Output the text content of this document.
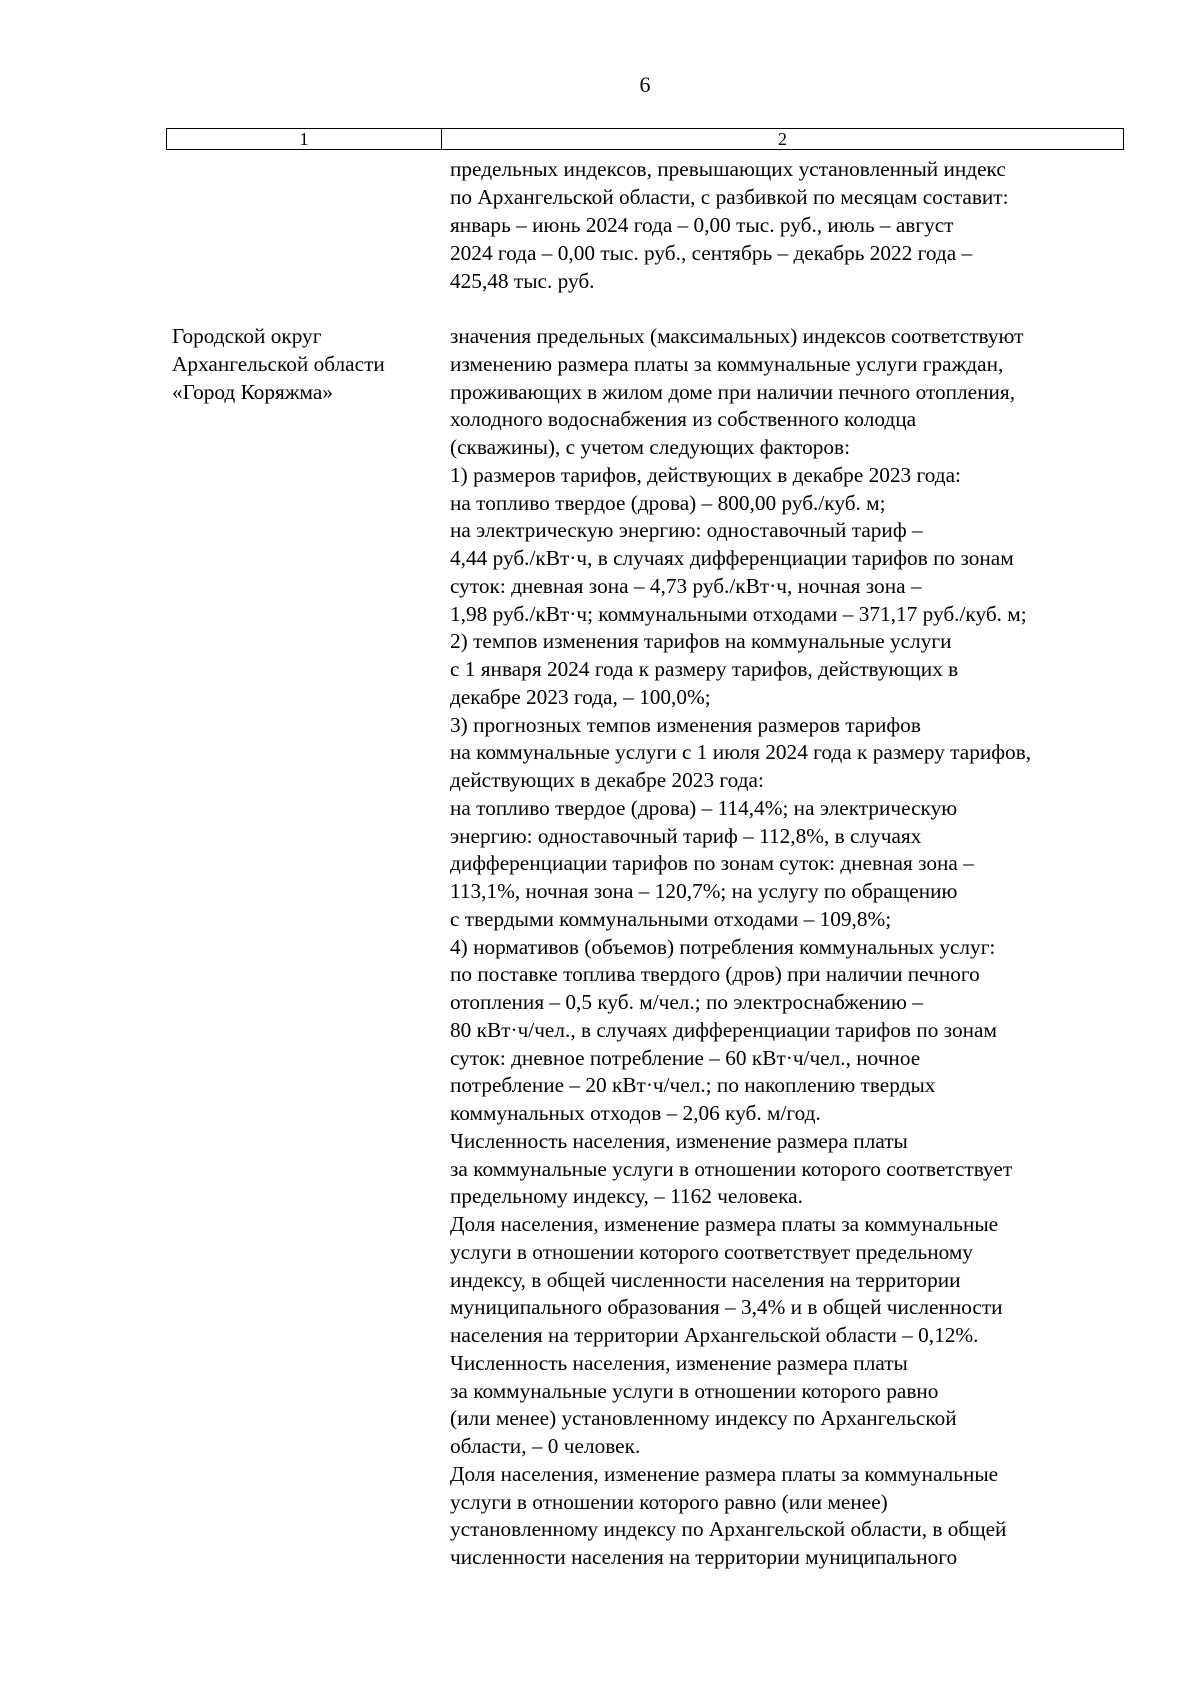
6
1	2
предельных индексов, превышающих установленный индекс
по Архангельской области, с разбивкой по месяцам составит:
январь – июнь 2024 года – 0,00 тыс. руб., июль – август
2024 года – 0,00 тыс. руб., сентябрь – декабрь 2022 года –
425,48 тыс. руб.
Городской округ
Архангельской области
«Город Коряжма»
значения предельных (максимальных) индексов соответствуют
изменению размера платы за коммунальные услуги граждан,
проживающих в жилом доме при наличии печного отопления,
холодного водоснабжения из собственного колодца
(скважины), с учетом следующих факторов:
1) размеров тарифов, действующих в декабре 2023 года:
на топливо твердое (дрова) – 800,00 руб./куб. м;
на электрическую энергию: одноставочный тариф –
4,44 руб./кВт·ч, в случаях дифференциации тарифов по зонам
суток: дневная зона – 4,73 руб./кВт·ч, ночная зона –
1,98 руб./кВт·ч; коммунальными отходами – 371,17 руб./куб. м;
2) темпов изменения тарифов на коммунальные услуги
с 1 января 2024 года к размеру тарифов, действующих в
декабре 2023 года, – 100,0%;
3) прогнозных темпов изменения размеров тарифов
на коммунальные услуги с 1 июля 2024 года к размеру тарифов,
действующих в декабре 2023 года:
на топливо твердое (дрова) – 114,4%; на электрическую
энергию: одноставочный тариф – 112,8%, в случаях
дифференциации тарифов по зонам суток: дневная зона –
113,1%, ночная зона – 120,7%; на услугу по обращению
с твердыми коммунальными отходами – 109,8%;
4) нормативов (объемов) потребления коммунальных услуг:
по поставке топлива твердого (дров) при наличии печного
отопления – 0,5 куб. м/чел.; по электроснабжению –
80 кВт·ч/чел., в случаях дифференциации тарифов по зонам
суток: дневное потребление – 60 кВт·ч/чел., ночное
потребление – 20 кВт·ч/чел.; по накоплению твердых
коммунальных отходов – 2,06 куб. м/год.
Численность населения, изменение размера платы
за коммунальные услуги в отношении которого соответствует
предельному индексу, – 1162 человека.
Доля населения, изменение размера платы за коммунальные
услуги в отношении которого соответствует предельному
индексу, в общей численности населения на территории
муниципального образования – 3,4% и в общей численности
населения на территории Архангельской области – 0,12%.
Численность населения, изменение размера платы
за коммунальные услуги в отношении которого равно
(или менее) установленному индексу по Архангельской
области, – 0 человек.
Доля населения, изменение размера платы за коммунальные
услуги в отношении которого равно (или менее)
установленному индексу по Архангельской области, в общей
численности населения на территории муниципального
